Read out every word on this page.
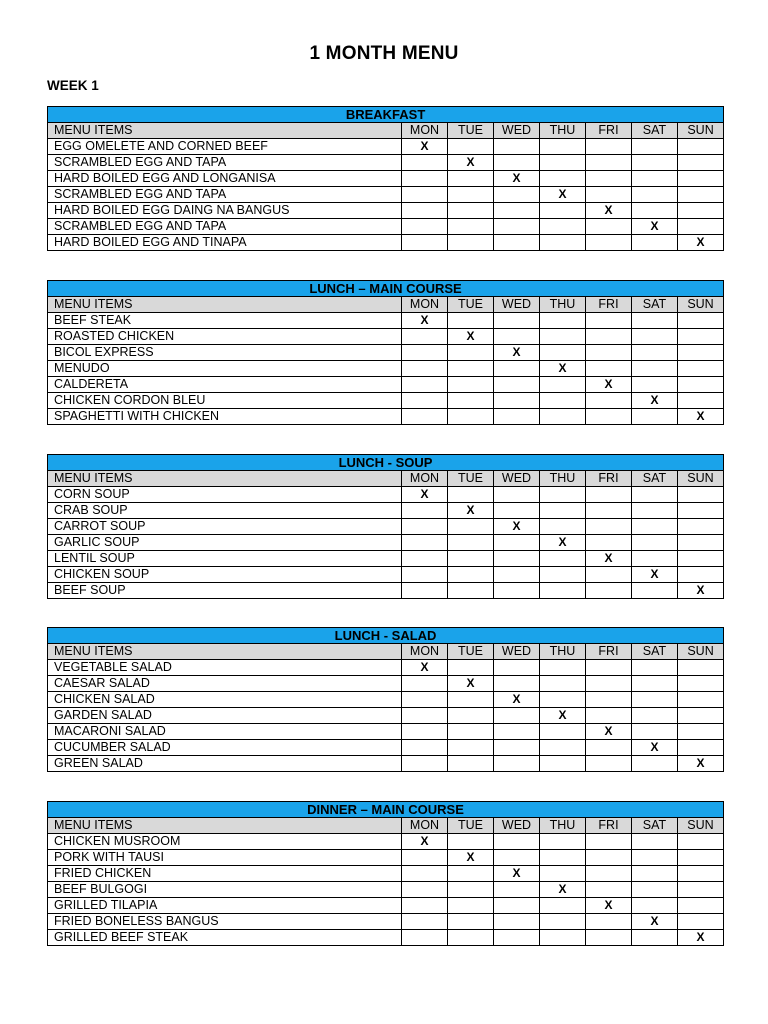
1 MONTH MENU
WEEK 1
BREAKFAST							
MENU ITEMS	MON	TUE	WED	THU	FRI	SAT	SUN
EGG OMELETE AND CORNED BEEF	X						
SCRAMBLED EGG AND TAPA		X					
HARD BOILED EGG AND LONGANISA			X				
SCRAMBLED EGG AND TAPA				X			
HARD BOILED EGG DAING NA BANGUS					X		
SCRAMBLED EGG AND TAPA						X	
HARD BOILED EGG AND TINAPA							X
LUNCH – MAIN COURSE							
MENU ITEMS	MON	TUE	WED	THU	FRI	SAT	SUN
BEEF STEAK	X						
ROASTED CHICKEN		X					
BICOL EXPRESS			X				
MENUDO				X			
CALDERETA					X		
CHICKEN CORDON BLEU						X	
SPAGHETTI WITH CHICKEN							X
LUNCH - SOUP							
MENU ITEMS	MON	TUE	WED	THU	FRI	SAT	SUN
CORN SOUP	X						
CRAB SOUP		X					
CARROT SOUP			X				
GARLIC SOUP				X			
LENTIL SOUP					X		
CHICKEN SOUP						X	
BEEF SOUP							X
LUNCH - SALAD							
MENU ITEMS	MON	TUE	WED	THU	FRI	SAT	SUN
VEGETABLE SALAD	X						
CAESAR SALAD		X					
CHICKEN SALAD			X				
GARDEN SALAD				X			
MACARONI SALAD					X		
CUCUMBER SALAD						X	
GREEN SALAD							X
DINNER – MAIN COURSE							
MENU ITEMS	MON	TUE	WED	THU	FRI	SAT	SUN
CHICKEN MUSROOM	X						
PORK WITH TAUSI		X					
FRIED CHICKEN			X				
BEEF BULGOGI				X			
GRILLED TILAPIA					X		
FRIED BONELESS BANGUS						X	
GRILLED BEEF STEAK							X
